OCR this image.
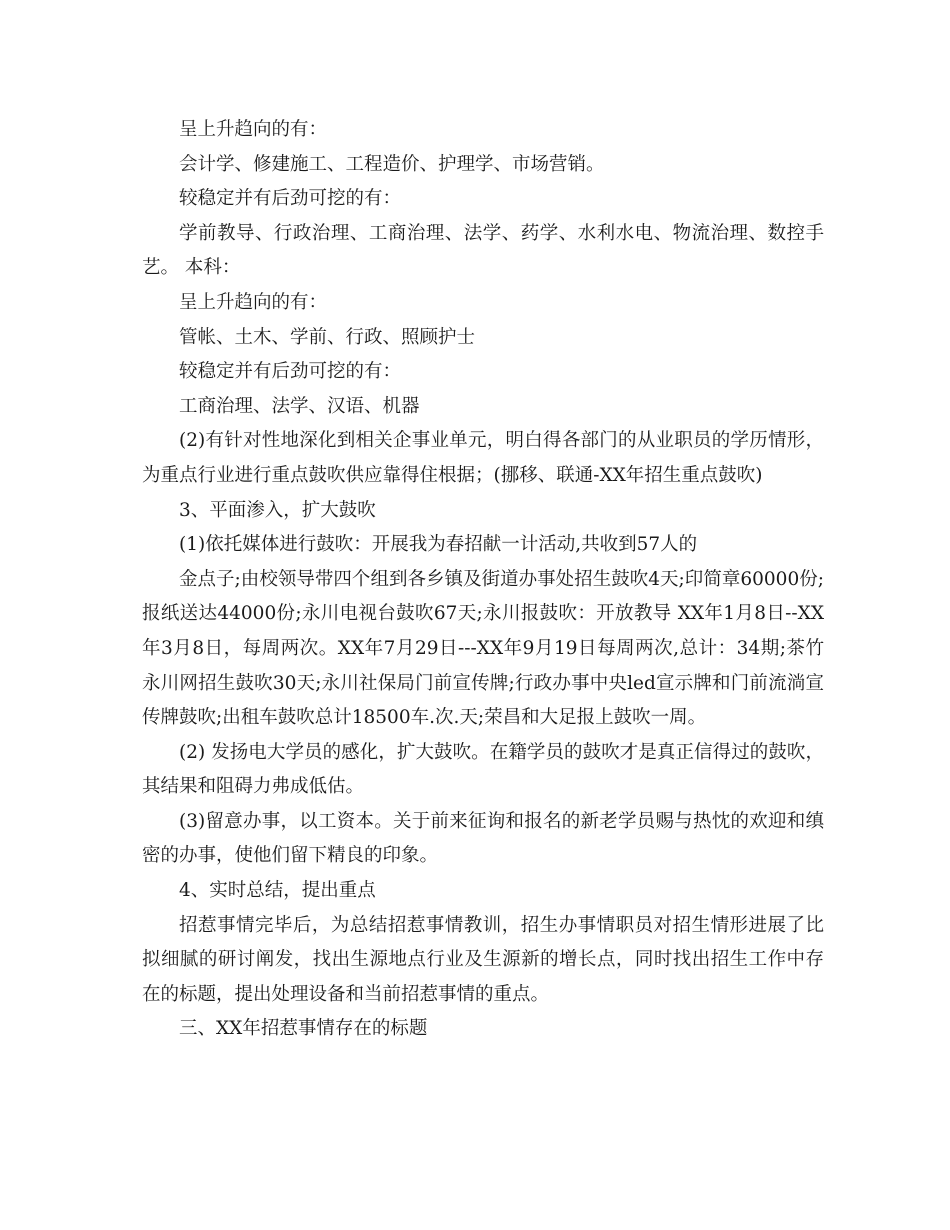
呈上升趋向的有：

会计学、修建施工、工程造价、护理学、市场营销。

较稳定并有后劲可挖的有：

学前教导、行政治理、工商治理、法学、药学、水利水电、物流治理、数控手艺。 本科：

呈上升趋向的有：

管帐、土木、学前、行政、照顾护士

较稳定并有后劲可挖的有：

工商治理、法学、汉语、机器

(2)有针对性地深化到相关企事业单元，明白得各部门的从业职员的学历情形，为重点行业进行重点鼓吹供应靠得住根据；(挪移、联通-XX年招生重点鼓吹)

3、平面渗入，扩大鼓吹

(1)依托媒体进行鼓吹：开展我为春招献一计活动,共收到57人的

金点子;由校领导带四个组到各乡镇及街道办事处招生鼓吹4天;印简章60000份;报纸送达44000份;永川电视台鼓吹67天;永川报鼓吹：开放教导 XX年1月8日--XX年3月8日，每周两次。XX年7月29日---XX年9月19日每周两次,总计：34期;茶竹永川网招生鼓吹30天;永川社保局门前宣传牌;行政办事中央led宣示牌和门前流淌宣传牌鼓吹;出租车鼓吹总计18500车.次.天;荣昌和大足报上鼓吹一周。

(2) 发扬电大学员的感化，扩大鼓吹。在籍学员的鼓吹才是真正信得过的鼓吹，其结果和阻碍力弗成低估。

(3)留意办事，以工资本。关于前来征询和报名的新老学员赐与热忱的欢迎和缜密的办事，使他们留下精良的印象。

4、实时总结，提出重点

招惹事情完毕后，为总结招惹事情教训，招生办事情职员对招生情形进展了比拟细腻的研讨阐发，找出生源地点行业及生源新的增长点，同时找出招生工作中存在的标题，提出处理设备和当前招惹事情的重点。

三、XX年招惹事情存在的标题
